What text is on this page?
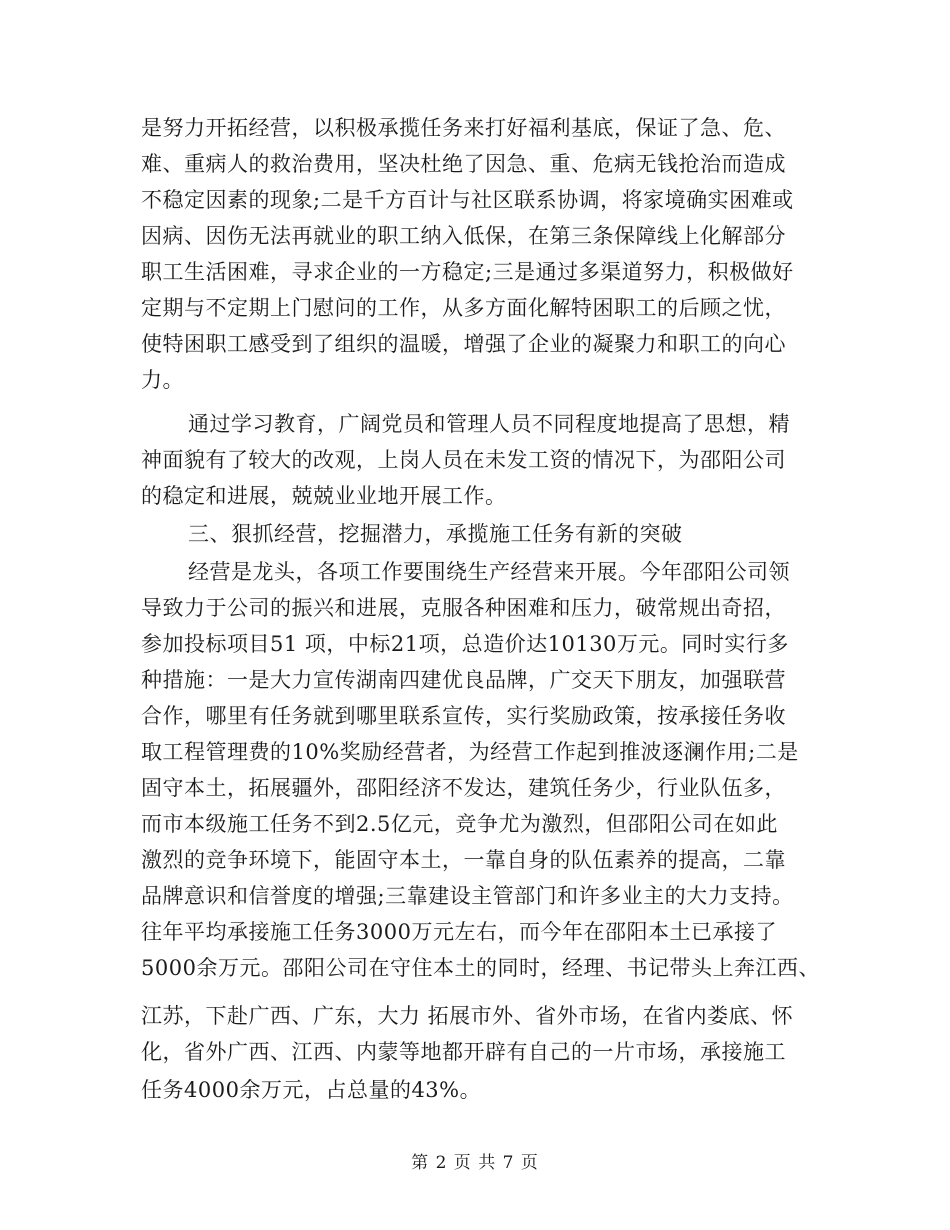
是努力开拓经营，以积极承揽任务来打好福利基底，保证了急、危、
难、重病人的救治费用，坚决杜绝了因急、重、危病无钱抢治而造成
不稳定因素的现象;二是千方百计与社区联系协调，将家境确实困难或
因病、因伤无法再就业的职工纳入低保，在第三条保障线上化解部分
职工生活困难，寻求企业的一方稳定;三是通过多渠道努力，积极做好
定期与不定期上门慰问的工作，从多方面化解特困职工的后顾之忧，
使特困职工感受到了组织的温暖，增强了企业的凝聚力和职工的向心
力。
通过学习教育，广阔党员和管理人员不同程度地提高了思想，精
神面貌有了较大的改观，上岗人员在未发工资的情况下，为邵阳公司
的稳定和进展，兢兢业业地开展工作。
三、狠抓经营，挖掘潜力，承揽施工任务有新的突破
经营是龙头，各项工作要围绕生产经营来开展。今年邵阳公司领
导致力于公司的振兴和进展，克服各种困难和压力，破常规出奇招，
参加投标项目51 项，中标21项，总造价达10130万元。同时实行多
种措施：一是大力宣传湖南四建优良品牌，广交天下朋友，加强联营
合作，哪里有任务就到哪里联系宣传，实行奖励政策，按承接任务收
取工程管理费的10%奖励经营者，为经营工作起到推波逐澜作用;二是
固守本土，拓展疆外，邵阳经济不发达，建筑任务少，行业队伍多，
而市本级施工任务不到2.5亿元，竞争尤为激烈，但邵阳公司在如此
激烈的竞争环境下，能固守本土，一靠自身的队伍素养的提高，二靠
品牌意识和信誉度的增强;三靠建设主管部门和许多业主的大力支持。
往年平均承接施工任务3000万元左右，而今年在邵阳本土已承接了
5000余万元。邵阳公司在守住本土的同时，经理、书记带头上奔江西、
江苏，下赴广西、广东，大力 拓展市外、省外市场，在省内娄底、怀
化，省外广西、江西、内蒙等地都开辟有自己的一片市场，承接施工
任务4000余万元，占总量的43%。
第 2 页 共 7 页
